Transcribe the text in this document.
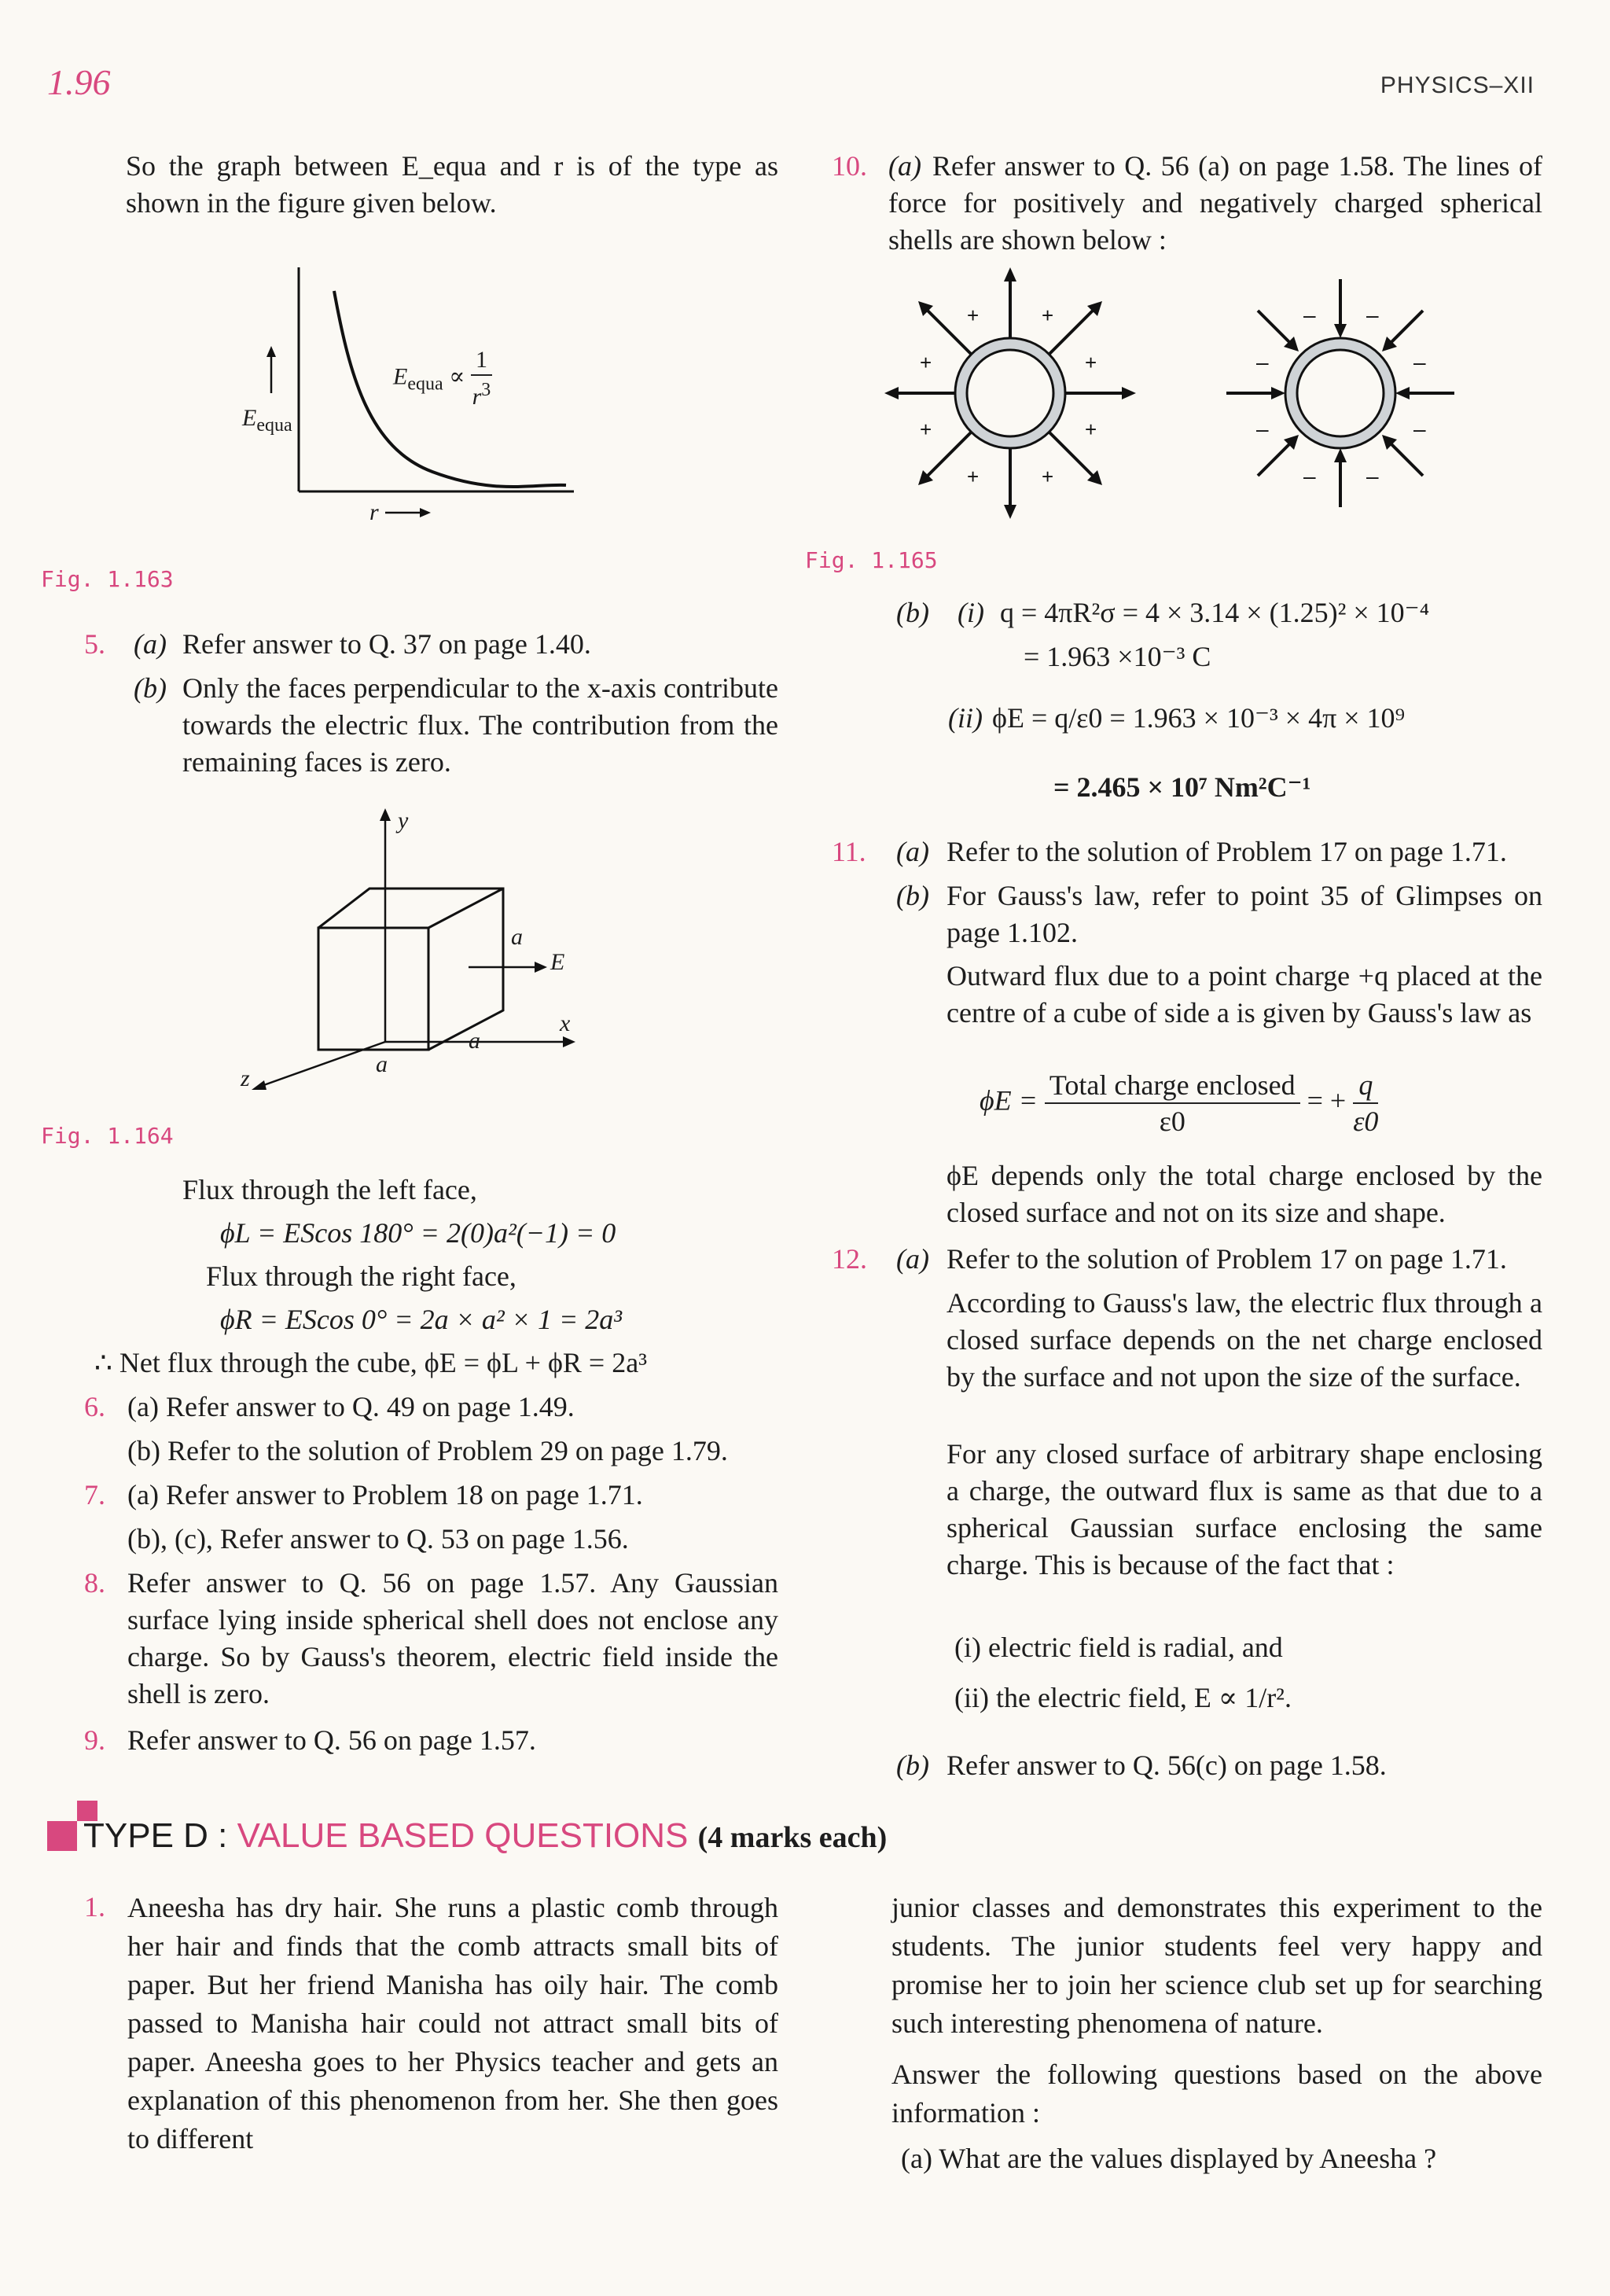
1.96	PHYSICS–XII
So the graph between E_equa and r is of the type as shown in the figure given below.
$E_{equa}$
r
$E_{equa} \propto \frac{1}{r^3}$
Fig. 1.163
5. (a) Refer answer to Q. 37 on page 1.40.
(b) Only the faces perpendicular to the x-axis contribute towards the electric flux. The contribution from the remaining faces is zero.
y
x
z
a
a
a
E
Fig. 1.164
Flux through the left face,
ϕL = EScos 180° = 2(0)a²(−1) = 0
Flux through the right face,
ϕR = EScos 0° = 2a × a² × 1 = 2a³
∴ Net flux through the cube, ϕE = ϕL + ϕR = 2a³
6. (a) Refer answer to Q. 49 on page 1.49.
(b) Refer to the solution of Problem 29 on page 1.79.
7. (a) Refer answer to Problem 18 on page 1.71.
(b), (c), Refer answer to Q. 53 on page 1.56.
8. Refer answer to Q. 56 on page 1.57. Any Gaussian surface lying inside spherical shell does not enclose any charge. So by Gauss's theorem, electric field inside the shell is zero.
9. Refer answer to Q. 56 on page 1.57.
10. (a) Refer answer to Q. 56 (a) on page 1.58. The lines of force for positively and negatively charged spherical shells are shown below :
+	+
+	+
+	+
+	+
– –
–	–
–	–
– –
Fig. 1.165
(b) (i) q = 4πR²σ = 4 × 3.14 × (1.25)² × 10⁻⁴
= 1.963 ×10⁻³ C
(ii) ϕE = q/ε0 = 1.963 × 10⁻³ × 4π × 10⁹
= 2.465 × 10⁷ Nm²C⁻¹
11. (a) Refer to the solution of Problem 17 on page 1.71.
(b) For Gauss's law, refer to point 35 of Glimpses on page 1.102.
Outward flux due to a point charge +q placed at the centre of a cube of side a is given by Gauss's law as
$\phi E = \frac{\text{Total charge enclosed}}{\varepsilon 0}$ = + $\frac{q}{\varepsilon 0}$
ϕE depends only the total charge enclosed by the closed surface and not on its size and shape.
12. (a) Refer to the solution of Problem 17 on page 1.71.
According to Gauss's law, the electric flux through a closed surface depends on the net charge enclosed by the surface and not upon the size of the surface.
For any closed surface of arbitrary shape enclosing a charge, the outward flux is same as that due to a spherical Gaussian surface enclosing the same charge. This is because of the fact that :
(i) electric field is radial, and
(ii) the electric field, E ∝ 1/r².
(b) Refer answer to Q. 56(c) on page 1.58.
TYPE D : VALUE BASED QUESTIONS (4 marks each)
1. Aneesha has dry hair. She runs a plastic comb through her hair and finds that the comb attracts small bits of paper. But her friend Manisha has oily hair. The comb passed to Manisha hair could not attract small bits of paper. Aneesha goes to her Physics teacher and gets an explanation of this phenomenon from her. She then goes to different
junior classes and demonstrates this experiment to the students. The junior students feel very happy and promise her to join her science club set up for searching such interesting phenomena of nature.
Answer the following questions based on the above information :
(a) What are the values displayed by Aneesha ?
